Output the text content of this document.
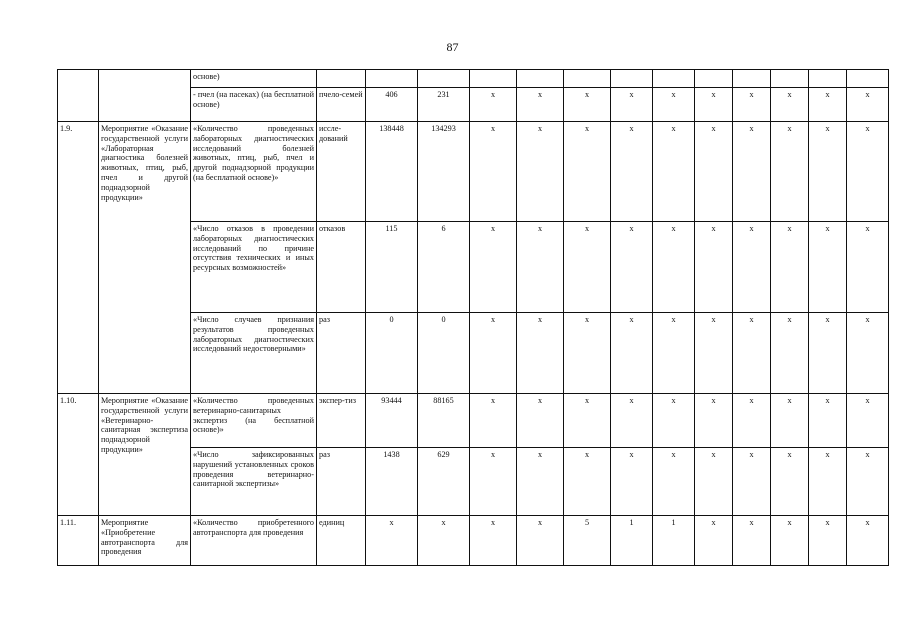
87
		основе)													
		- пчел (на пасеках) (на бесплатной основе)	пчело-семей	406	231	х	х	х	х	х	х	х	х	х	х
1.9.	Мероприятие «Оказание государственной услуги «Лабораторная диагностика болезней животных, птиц, рыб, пчел и другой поднадзорной продукции»	«Количество проведенных лабораторных диагностических исследований болезней животных, птиц, рыб, пчел и другой поднадзорной продукции (на бесплатной основе)»	иссле-дований	138448	134293	х	х	х	х	х	х	х	х	х	х
		«Число отказов в проведении лабораторных диагностических исследований по причине отсутствия технических и иных ресурсных возможностей»	отказов	115	6	х	х	х	х	х	х	х	х	х	х
		«Число случаев признания результатов проведенных лабораторных диагностических исследований недостоверными»	раз	0	0	х	х	х	х	х	х	х	х	х	х
1.10.	Мероприятие «Оказание государственной услуги «Ветеринарно-санитарная экспертиза поднадзорной продукции»	«Количество проведенных ветеринарно-санитарных экспертиз (на бесплатной основе)»	экспер-тиз	93444	88165	х	х	х	х	х	х	х	х	х	х
		«Число зафиксированных нарушений установленных сроков проведения ветеринарно-санитарной экспертизы»	раз	1438	629	х	х	х	х	х	х	х	х	х	х
1.11.	Мероприятие «Приобретение автотранспорта для проведения	«Количество приобретенного автотранспорта для проведения	единиц	х	х	х	х	5	1	1	х	х	х	х	х
